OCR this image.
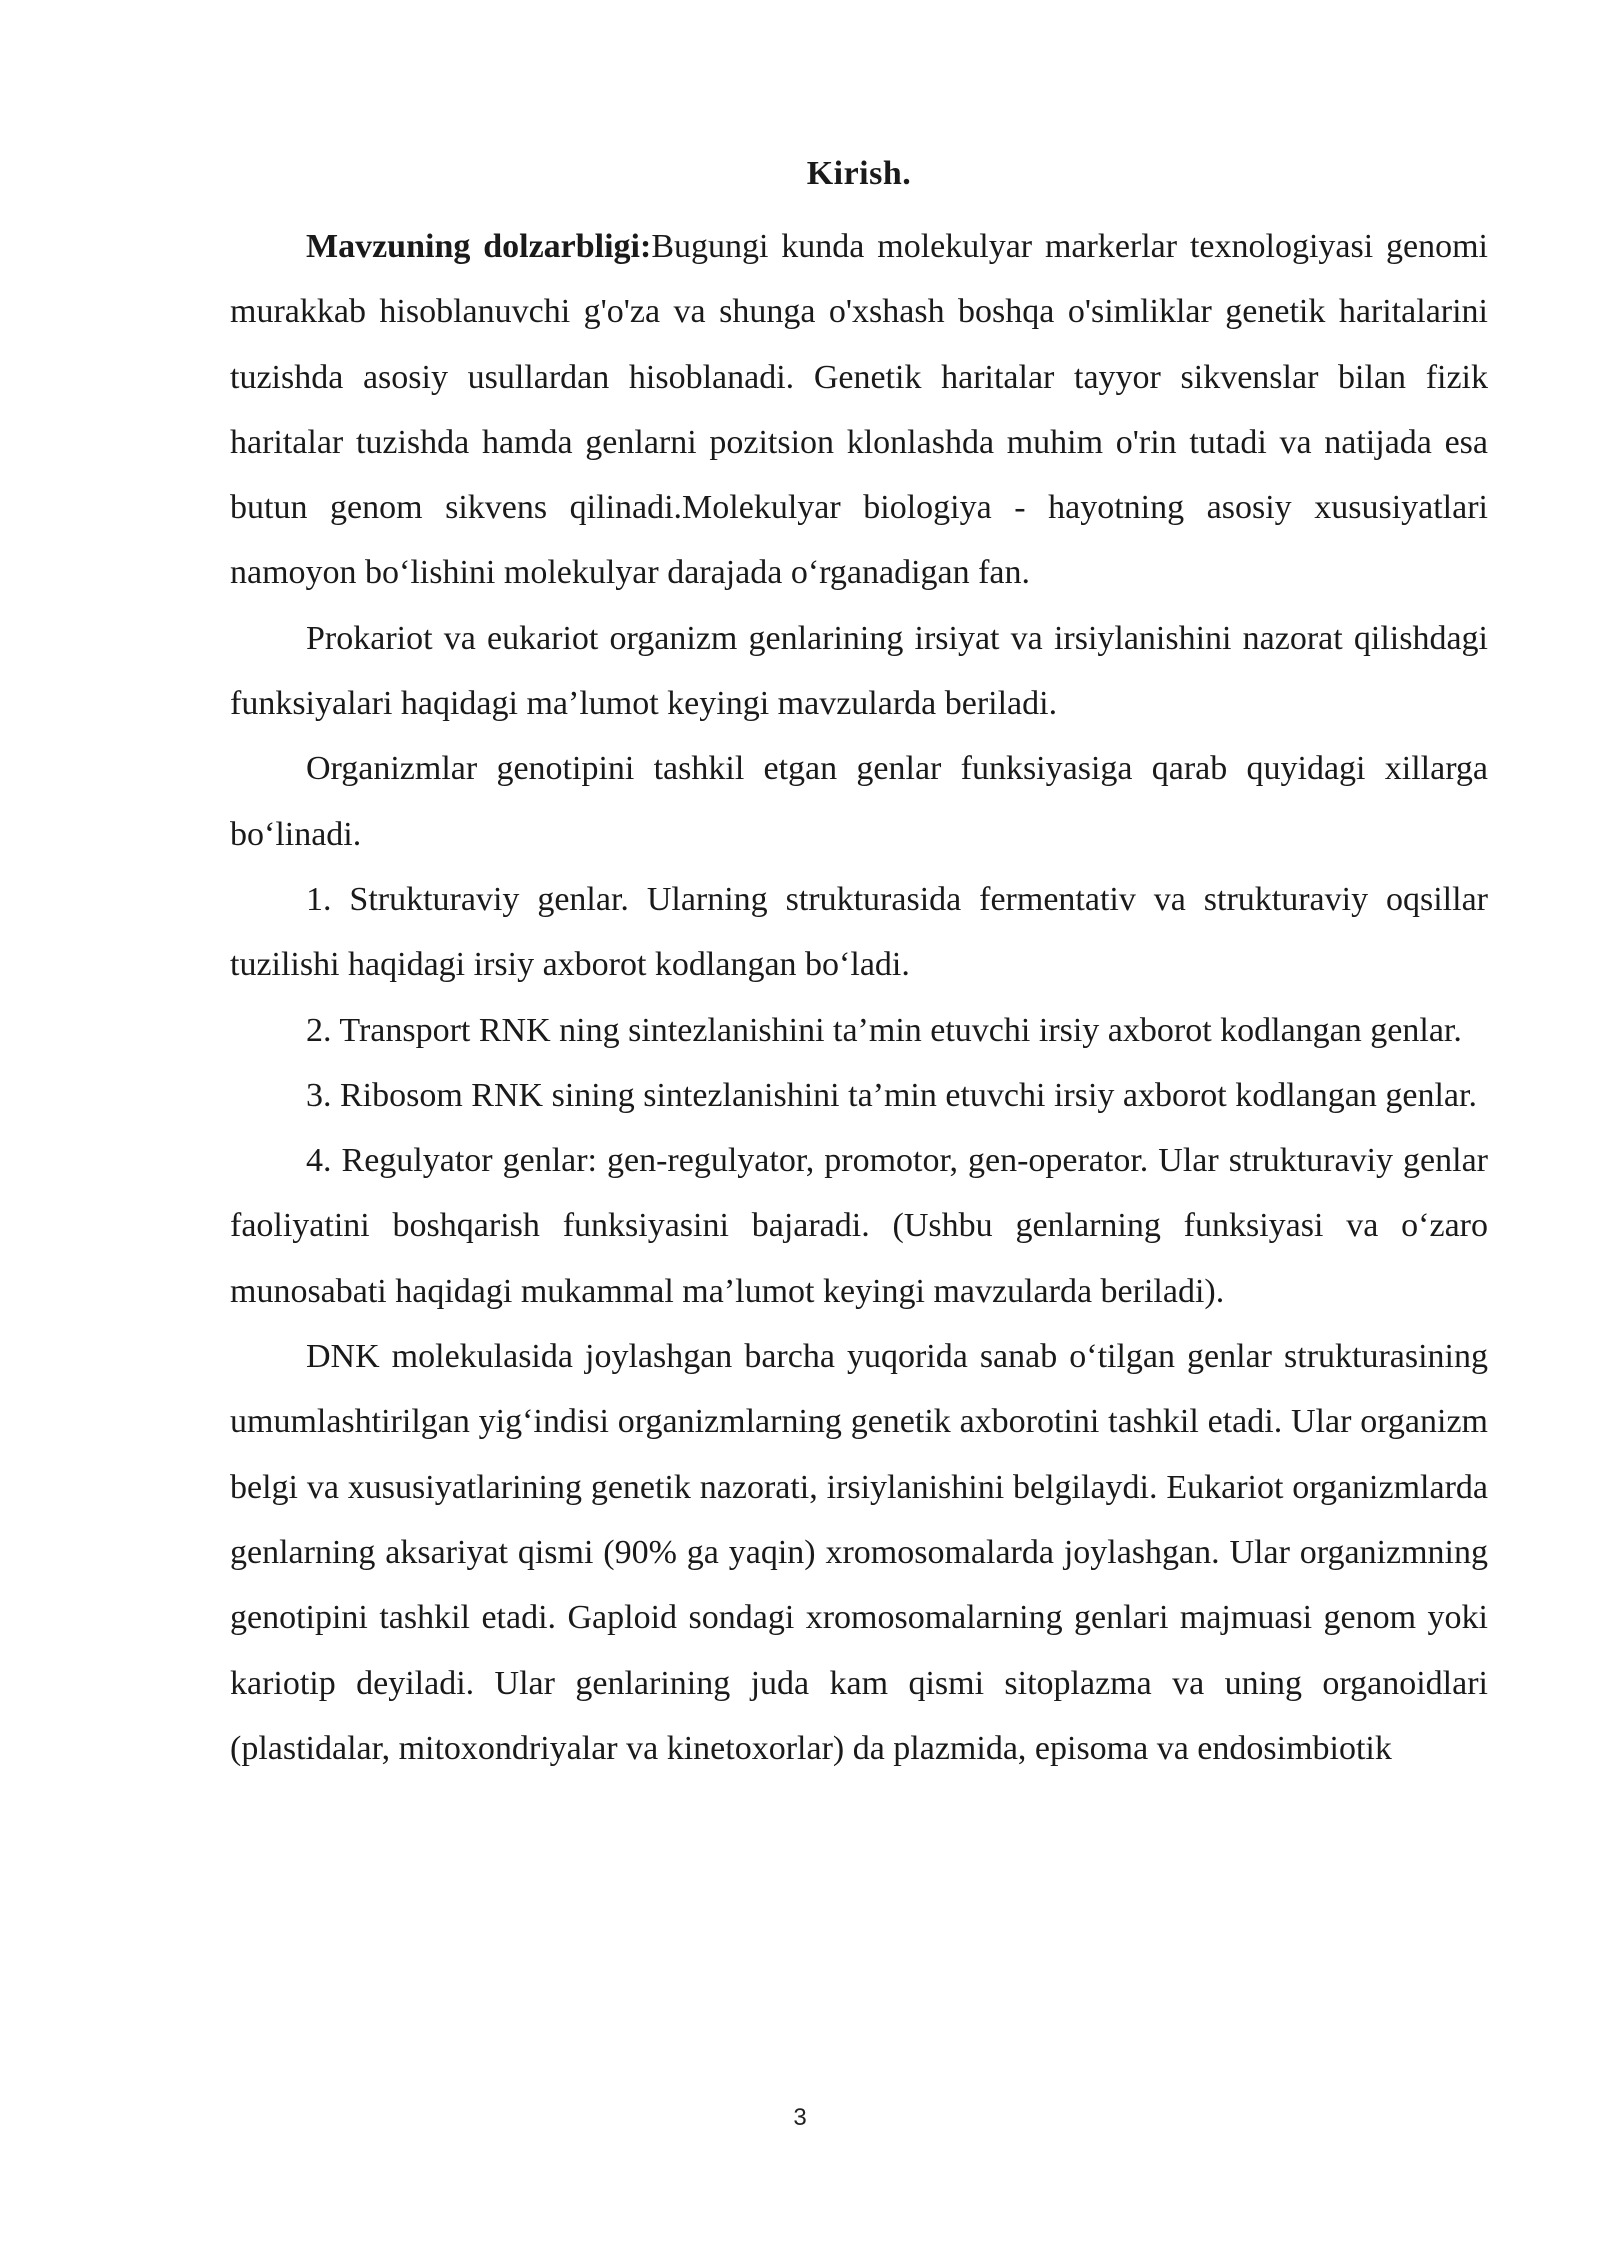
Kirish.

Mavzuning dolzarbligi:Bugungi kunda molekulyar markerlar texnologiyasi genomi murakkab hisoblanuvchi g'o'za va shunga o'xshash boshqa o'simliklar genetik haritalarini tuzishda asosiy usullardan hisoblanadi. Genetik haritalar tayyor sikvenslar bilan fizik haritalar tuzishda hamda genlarni pozitsion klonlashda muhim o'rin tutadi va natijada esa butun genom sikvens qilinadi.Molekulyar biologiya - hayotning asosiy xususiyatlari namoyon bo‘lishini molekulyar darajada o‘rganadigan fan.

Prokariot va eukariot organizm genlarining irsiyat va irsiylanishini nazorat qilishdagi funksiyalari haqidagi ma’lumot keyingi mavzularda beriladi.

Organizmlar genotipini tashkil etgan genlar funksiyasiga qarab quyidagi xillarga bo‘linadi.

1. Strukturaviy genlar. Ularning strukturasida fermentativ va strukturaviy oqsillar tuzilishi haqidagi irsiy axborot kodlangan bo‘ladi.

2. Transport RNK ning sintezlanishini ta’min etuvchi irsiy axborot kodlangan genlar.

3. Ribosom RNK sining sintezlanishini ta’min etuvchi irsiy axborot kodlangan genlar.

4. Regulyator genlar: gen-regulyator, promotor, gen-operator. Ular strukturaviy genlar faoliyatini boshqarish funksiyasini bajaradi. (Ushbu genlarning funksiyasi va o‘zaro munosabati haqidagi mukammal ma’lumot keyingi mavzularda beriladi).

DNK molekulasida joylashgan barcha yuqorida sanab o‘tilgan genlar strukturasining umumlashtirilgan yig‘indisi organizmlarning genetik axborotini tashkil etadi. Ular organizm belgi va xususiyatlarining genetik nazorati, irsiylanishini belgilaydi. Eukariot organizmlarda genlarning aksariyat qismi (90% ga yaqin) xromosomalarda joylashgan. Ular organizmning genotipini tashkil etadi. Gaploid sondagi xromosomalarning genlari majmuasi genom yoki kariotip deyiladi. Ular genlarining juda kam qismi sitoplazma va uning organoidlari (plastidalar, mitoxondriyalar va kinetoxorlar) da plazmida, episoma va endosimbiotik

3
